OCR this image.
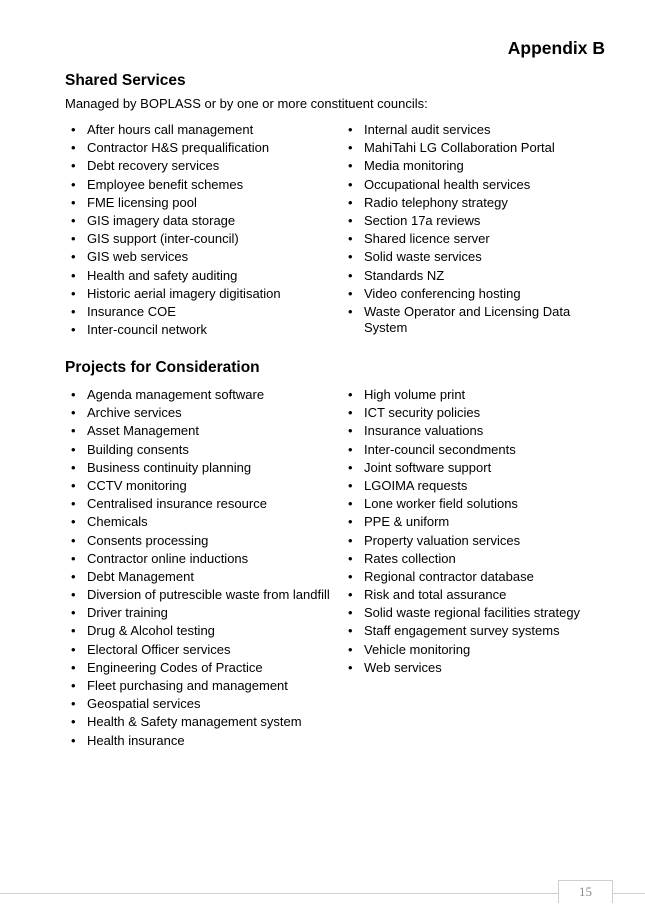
Appendix B
Shared Services

Managed by BOPLASS or by one or more constituent councils:

• After hours call management
• Contractor H&S prequalification
• Debt recovery services
• Employee benefit schemes
• FME licensing pool
• GIS imagery data storage
• GIS support (inter-council)
• GIS web services
• Health and safety auditing
• Historic aerial imagery digitisation
• Insurance COE
• Inter-council network
• Internal audit services
• MahiTahi LG Collaboration Portal
• Media monitoring
• Occupational health services
• Radio telephony strategy
• Section 17a reviews
• Shared licence server
• Solid waste services
• Standards NZ
• Video conferencing hosting
• Waste Operator and Licensing Data System
Projects for Consideration
• Agenda management software
• Archive services
• Asset Management
• Building consents
• Business continuity planning
• CCTV monitoring
• Centralised insurance resource
• Chemicals
• Consents processing
• Contractor online inductions
• Debt Management
• Diversion of putrescible waste from landfill
• Driver training
• Drug & Alcohol testing
• Electoral Officer services
• Engineering Codes of Practice
• Fleet purchasing and management
• Geospatial services
• Health & Safety management system
• Health insurance
• High volume print
• ICT security policies
• Insurance valuations
• Inter-council secondments
• Joint software support
• LGOIMA requests
• Lone worker field solutions
• PPE & uniform
• Property valuation services
• Rates collection
• Regional contractor database
• Risk and total assurance
• Solid waste regional facilities strategy
• Staff engagement survey systems
• Vehicle monitoring
• Web services
15
